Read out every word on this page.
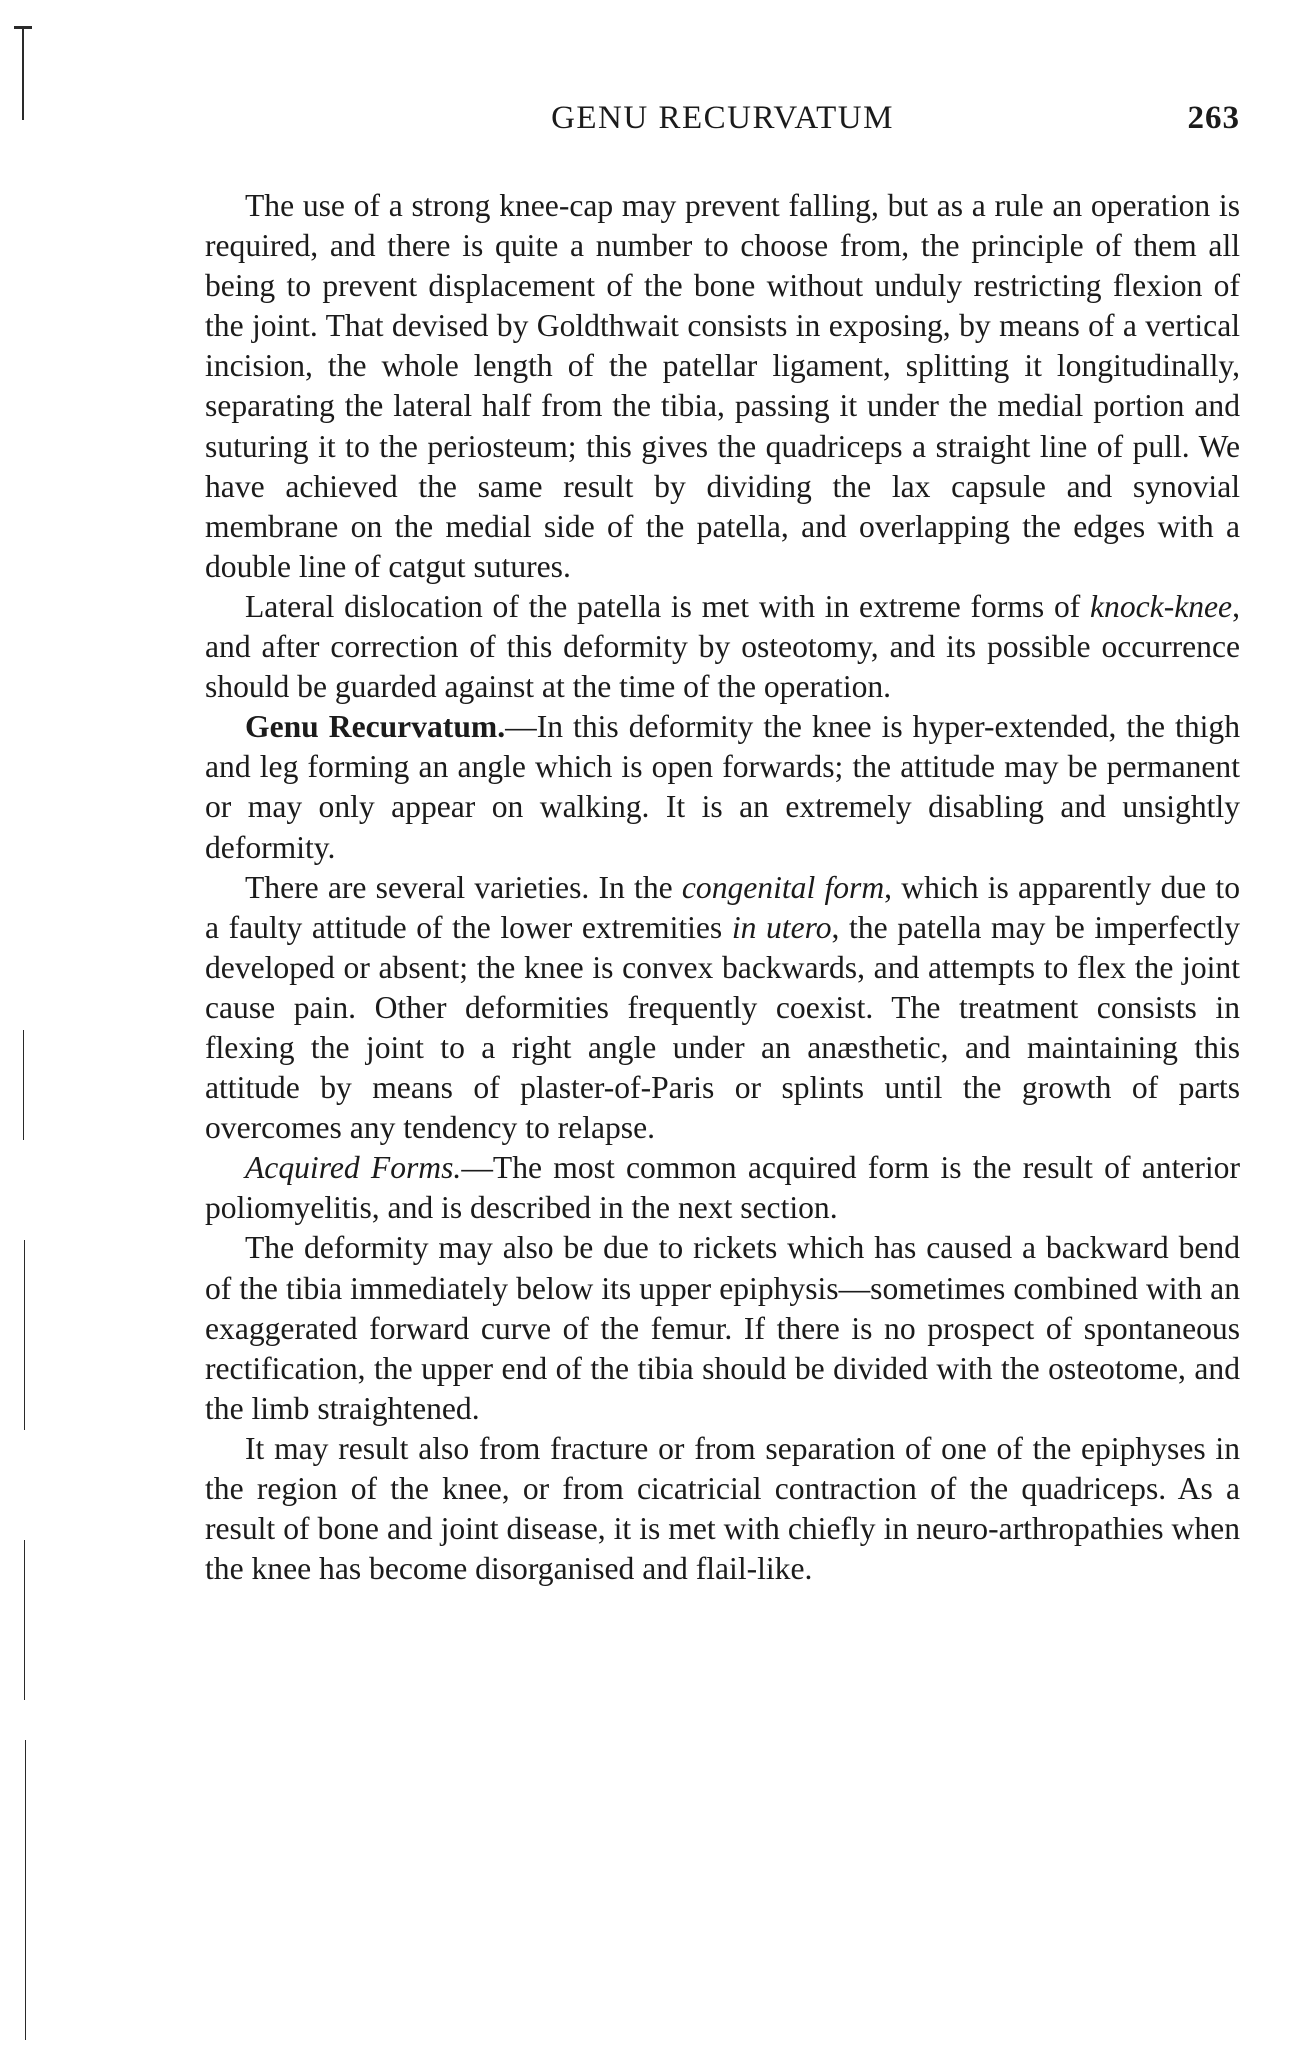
GENU RECURVATUM	263

The use of a strong knee-cap may prevent falling, but as a rule an operation is required, and there is quite a number to choose from, the principle of them all being to prevent displacement of the bone without unduly restricting flexion of the joint. That devised by Goldthwait consists in exposing, by means of a vertical incision, the whole length of the patellar ligament, splitting it longitudinally, separating the lateral half from the tibia, passing it under the medial portion and suturing it to the periosteum; this gives the quadriceps a straight line of pull. We have achieved the same result by dividing the lax capsule and synovial membrane on the medial side of the patella, and overlapping the edges with a double line of catgut sutures.

Lateral dislocation of the patella is met with in extreme forms of knock-knee, and after correction of this deformity by osteotomy, and its possible occurrence should be guarded against at the time of the operation.

Genu Recurvatum.—In this deformity the knee is hyper-extended, the thigh and leg forming an angle which is open forwards; the attitude may be permanent or may only appear on walking. It is an extremely disabling and unsightly deformity.

There are several varieties. In the congenital form, which is apparently due to a faulty attitude of the lower extremities in utero, the patella may be imperfectly developed or absent; the knee is convex backwards, and attempts to flex the joint cause pain. Other deformities frequently coexist. The treatment consists in flexing the joint to a right angle under an anæsthetic, and maintaining this attitude by means of plaster-of-Paris or splints until the growth of parts overcomes any tendency to relapse.

Acquired Forms.—The most common acquired form is the result of anterior poliomyelitis, and is described in the next section.

The deformity may also be due to rickets which has caused a backward bend of the tibia immediately below its upper epiphysis—sometimes combined with an exaggerated forward curve of the femur. If there is no prospect of spontaneous rectification, the upper end of the tibia should be divided with the osteotome, and the limb straightened.

It may result also from fracture or from separation of one of the epiphyses in the region of the knee, or from cicatricial contraction of the quadriceps. As a result of bone and joint disease, it is met with chiefly in neuro-arthropathies when the knee has become disorganised and flail-like.
